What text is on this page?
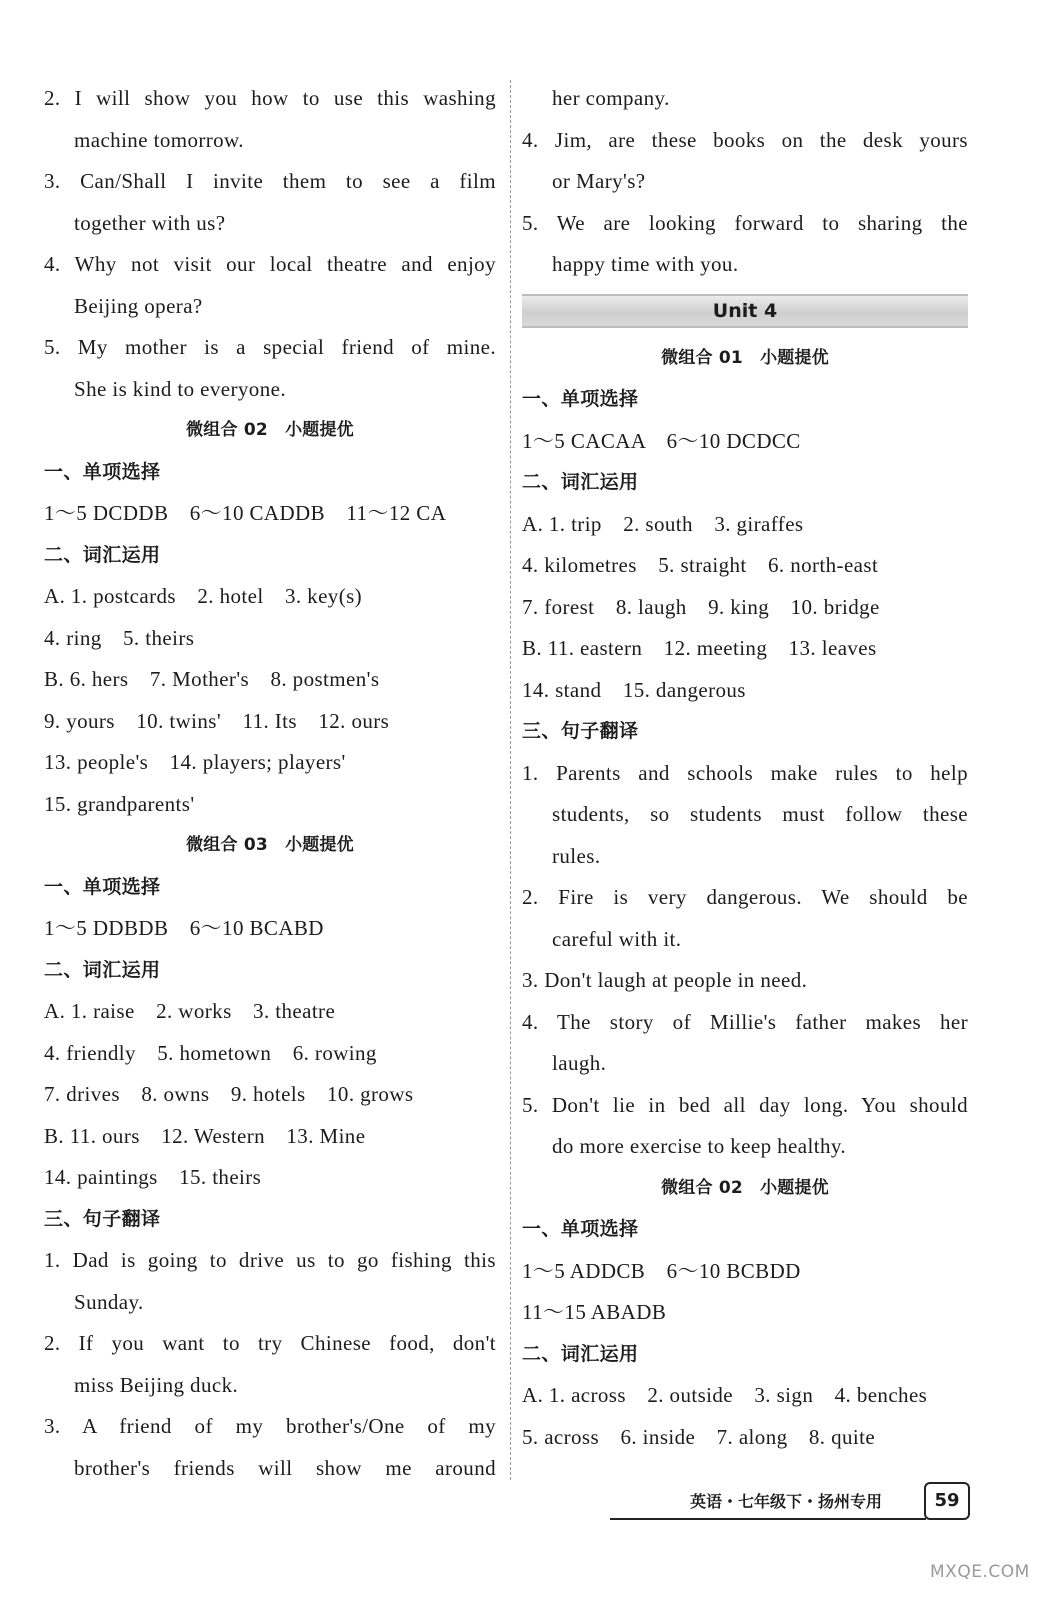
2. I will show you how to use this washing
machine tomorrow.
3. Can/Shall I invite them to see a film
together with us?
4. Why not visit our local theatre and enjoy
Beijing opera?
5. My mother is a special friend of mine.
She is kind to everyone.
微组合 02　小题提优
一、单项选择
1～5 DCDDB　6～10 CADDB　11～12 CA
二、词汇运用
A. 1. postcards　2. hotel　3. key(s)
4. ring　5. theirs
B. 6. hers　7. Mother's　8. postmen's
9. yours　10. twins'　11. Its　12. ours
13. people's　14. players; players'
15. grandparents'
微组合 03　小题提优
一、单项选择
1～5 DDBDB　6～10 BCABD
二、词汇运用
A. 1. raise　2. works　3. theatre
4. friendly　5. hometown　6. rowing
7. drives　8. owns　9. hotels　10. grows
B. 11. ours　12. Western　13. Mine
14. paintings　15. theirs
三、句子翻译
1. Dad is going to drive us to go fishing this
Sunday.
2. If you want to try Chinese food, don't
miss Beijing duck.
3. A friend of my brother's/One of my
brother's friends will show me around
her company.
4. Jim, are these books on the desk yours
or Mary's?
5. We are looking forward to sharing the
happy time with you.
Unit 4
微组合 01　小题提优
一、单项选择
1～5 CACAA　6～10 DCDCC
二、词汇运用
A. 1. trip　2. south　3. giraffes
4. kilometres　5. straight　6. north-east
7. forest　8. laugh　9. king　10. bridge
B. 11. eastern　12. meeting　13. leaves
14. stand　15. dangerous
三、句子翻译
1. Parents and schools make rules to help
students, so students must follow these
rules.
2. Fire is very dangerous. We should be
careful with it.
3. Don't laugh at people in need.
4. The story of Millie's father makes her
laugh.
5. Don't lie in bed all day long. You should
do more exercise to keep healthy.
微组合 02　小题提优
一、单项选择
1～5 ADDCB　6～10 BCBDD
11～15 ABADB
二、词汇运用
A. 1. across　2. outside　3. sign　4. benches
5. across　6. inside　7. along　8. quite
英语・七年级下・扬州专用	59
MXQE.COM
